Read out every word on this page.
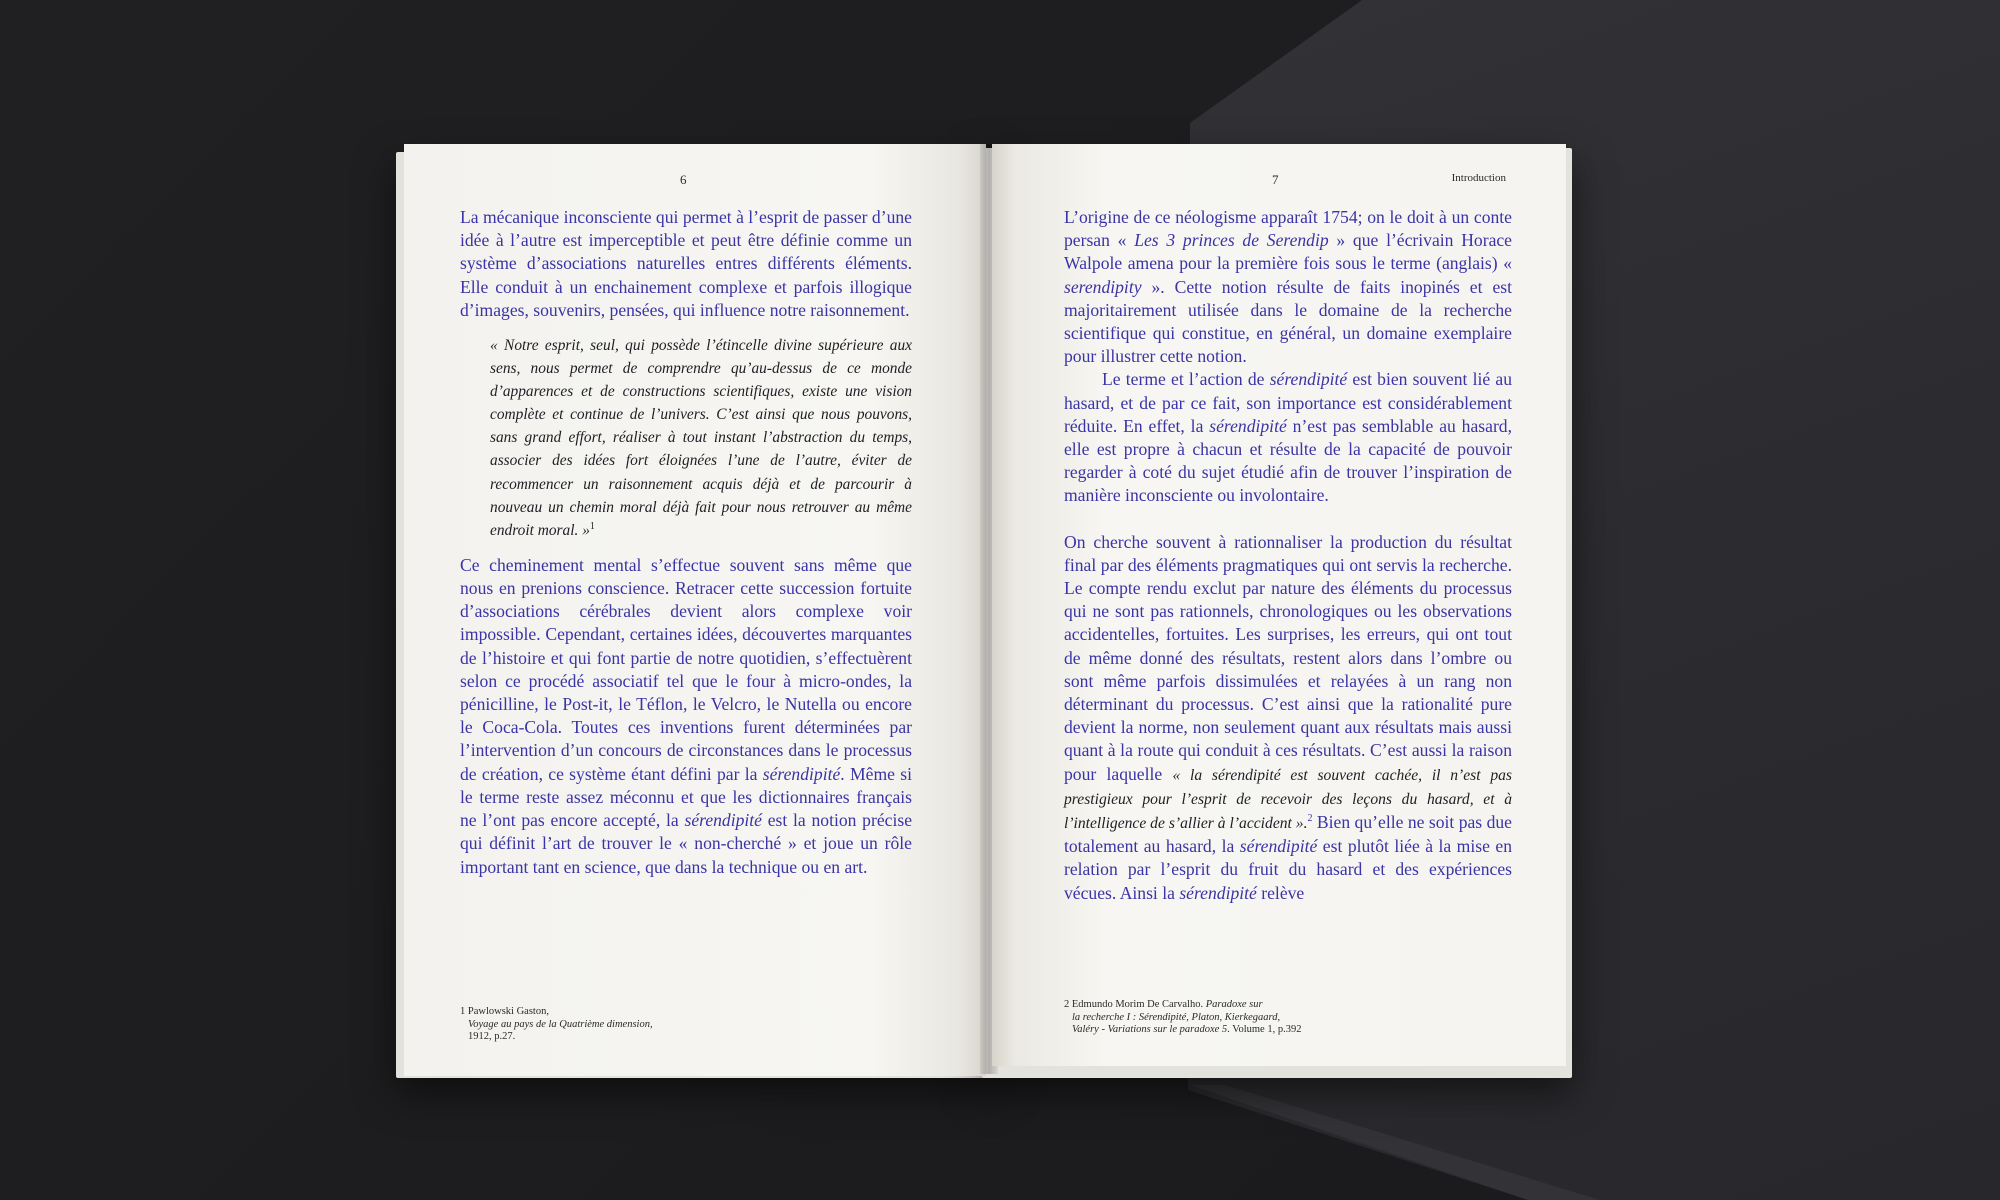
6

La mécanique inconsciente qui permet à l’esprit de passer d’une idée à l’autre est imperceptible et peut être définie comme un système d’associations naturelles entres différents éléments. Elle conduit à un enchainement complexe et parfois illogique d’images, souvenirs, pensées, qui influence notre raisonnement.

« Notre esprit, seul, qui possède l’étincelle divine supérieure aux sens, nous permet de comprendre qu’au-dessus de ce monde d’apparences et de constructions scientifiques, existe une vision complète et continue de l’univers. C’est ainsi que nous pouvons, sans grand effort, réaliser à tout instant l’abstraction du temps, associer des idées fort éloignées l’une de l’autre, éviter de recommencer un raisonnement acquis déjà et de parcourir à nouveau un chemin moral déjà fait pour nous retrouver au même endroit moral. »$^1$

Ce cheminement mental s’effectue souvent sans même que nous en prenions conscience. Retracer cette succession fortuite d’associations cérébrales devient alors complexe voir impossible. Cependant, certaines idées, découvertes marquantes de l’histoire et qui font partie de notre quotidien, s’effectuèrent selon ce procédé associatif tel que le four à micro-ondes, la pénicilline, le Post-it, le Téflon, le Velcro, le Nutella ou encore le Coca-Cola. Toutes ces inventions furent déterminées par l’intervention d’un concours de circonstances dans le processus de création, ce système étant défini par la sérendipité. Même si le terme reste assez méconnu et que les dictionnaires français ne l’ont pas encore accepté, la sérendipité est la notion précise qui définit l’art de trouver le « non-cherché » et joue un rôle important tant en science, que dans la technique ou en art.

1 Pawlowski Gaston,
Voyage au pays de la Quatrième dimension,
1912, p.27.
7	Introduction

L’origine de ce néologisme apparaît 1754; on le doit à un conte persan « Les 3 princes de Serendip » que l’écrivain Horace Walpole amena pour la première fois sous le terme (anglais) « serendipity ». Cette notion résulte de faits inopinés et est majoritairement utilisée dans le domaine de la recherche scientifique qui constitue, en général, un domaine exemplaire pour illustrer cette notion.

Le terme et l’action de sérendipité est bien souvent lié au hasard, et de par ce fait, son importance est considérablement réduite. En effet, la sérendipité n’est pas semblable au hasard, elle est propre à chacun et résulte de la capacité de pouvoir regarder à coté du sujet étudié afin de trouver l’inspiration de manière inconsciente ou involontaire.

On cherche souvent à rationnaliser la production du résultat final par des éléments pragmatiques qui ont servis la recherche. Le compte rendu exclut par nature des éléments du processus qui ne sont pas rationnels, chronologiques ou les observations accidentelles, fortuites. Les surprises, les erreurs, qui ont tout de même donné des résultats, restent alors dans l’ombre ou sont même parfois dissimulées et relayées à un rang non déterminant du processus. C’est ainsi que la rationalité pure devient la norme, non seulement quant aux résultats mais aussi quant à la route qui conduit à ces résultats. C’est aussi la raison pour laquelle « la sérendipité est souvent cachée, il n’est pas prestigieux pour l’esprit de recevoir des leçons du hasard, et à l’intelligence de s’allier à l’accident ».$^2$ Bien qu’elle ne soit pas due totalement au hasard, la sérendipité est plutôt liée à la mise en relation par l’esprit du fruit du hasard et des expériences vécues. Ainsi la sérendipité relève

2 Edmundo Morim De Carvalho. Paradoxe sur
la recherche I : Sérendipité, Platon, Kierkegaard,
Valéry - Variations sur le paradoxe 5. Volume 1, p.392
